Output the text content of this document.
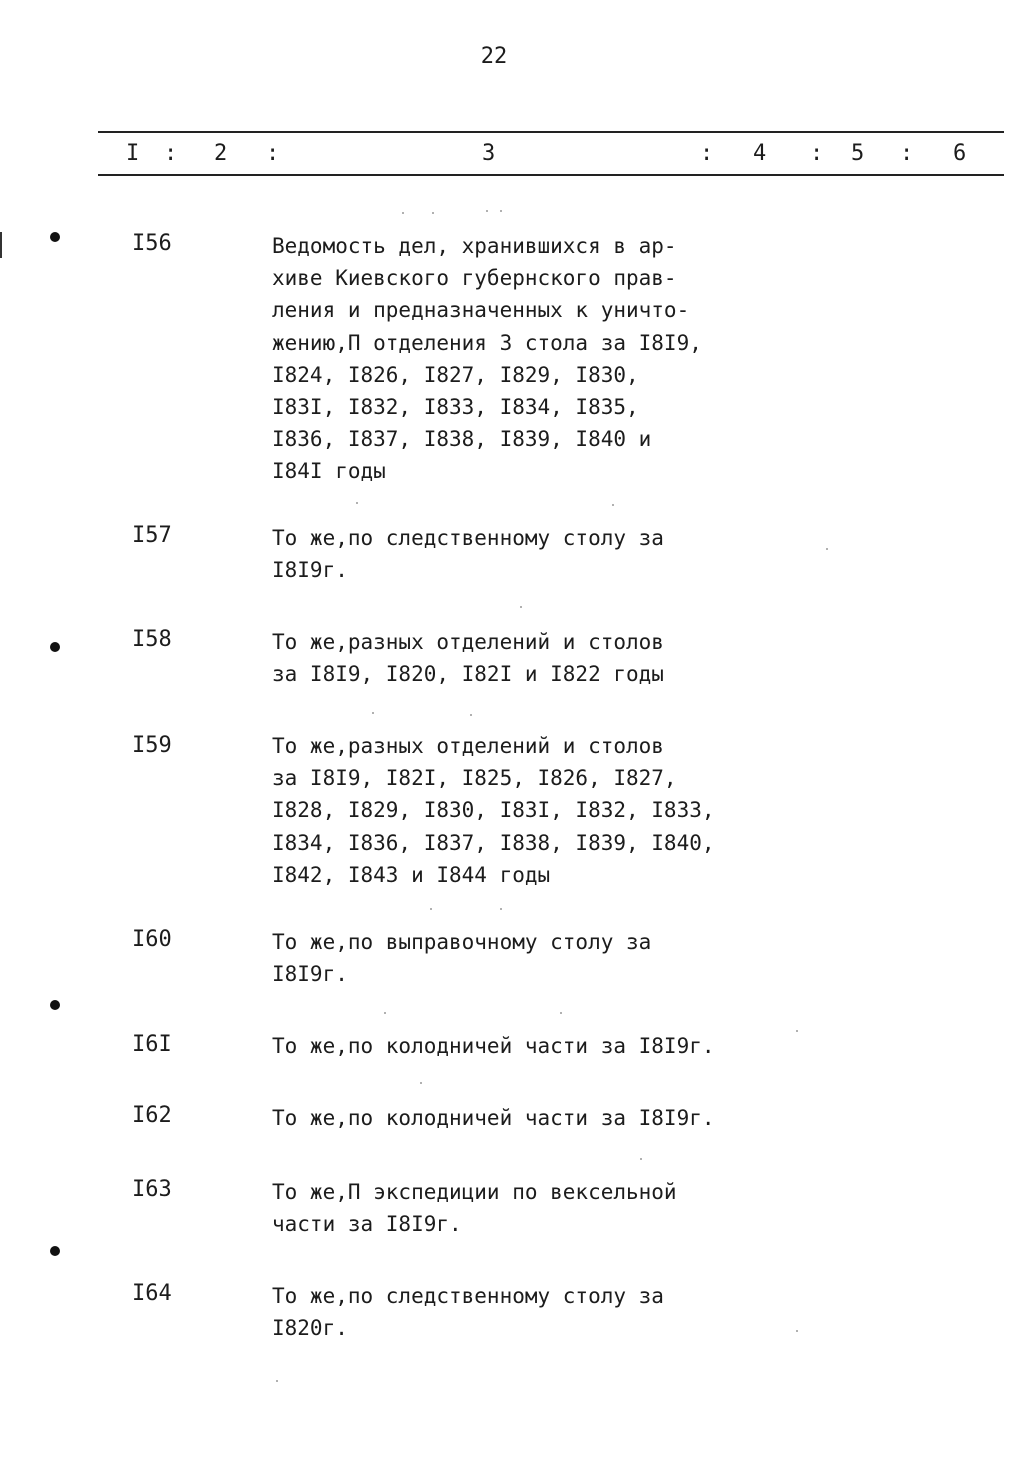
22
I : 2 :	3	: 4 : 5 : 6
I56	Ведомость дел, хранившихся в ар-
хиве Киевского губернского прав-
ления и предназначенных к уничто-
жению,П отделения 3 стола за I8I9,
I824, I826, I827, I829, I830,
I83I, I832, I833, I834, I835,
I836, I837, I838, I839, I840 и
I84I годы
I57	То же,по следственному столу за
I8I9г.
I58	То же,разных отделений и столов
за I8I9, I820, I82I и I822 годы
I59	То же,разных отделений и столов
за I8I9, I82I, I825, I826, I827,
I828, I829, I830, I83I, I832, I833,
I834, I836, I837, I838, I839, I840,
I842, I843 и I844 годы
I60	То же,по выправочному столу за
I8I9г.
I6I	То же,по колодничей части за I8I9г.
I62	То же,по колодничей части за I8I9г.
I63	То же,П экспедиции по вексельной
части за I8I9г.
I64	То же,по следственному столу за
I820г.
